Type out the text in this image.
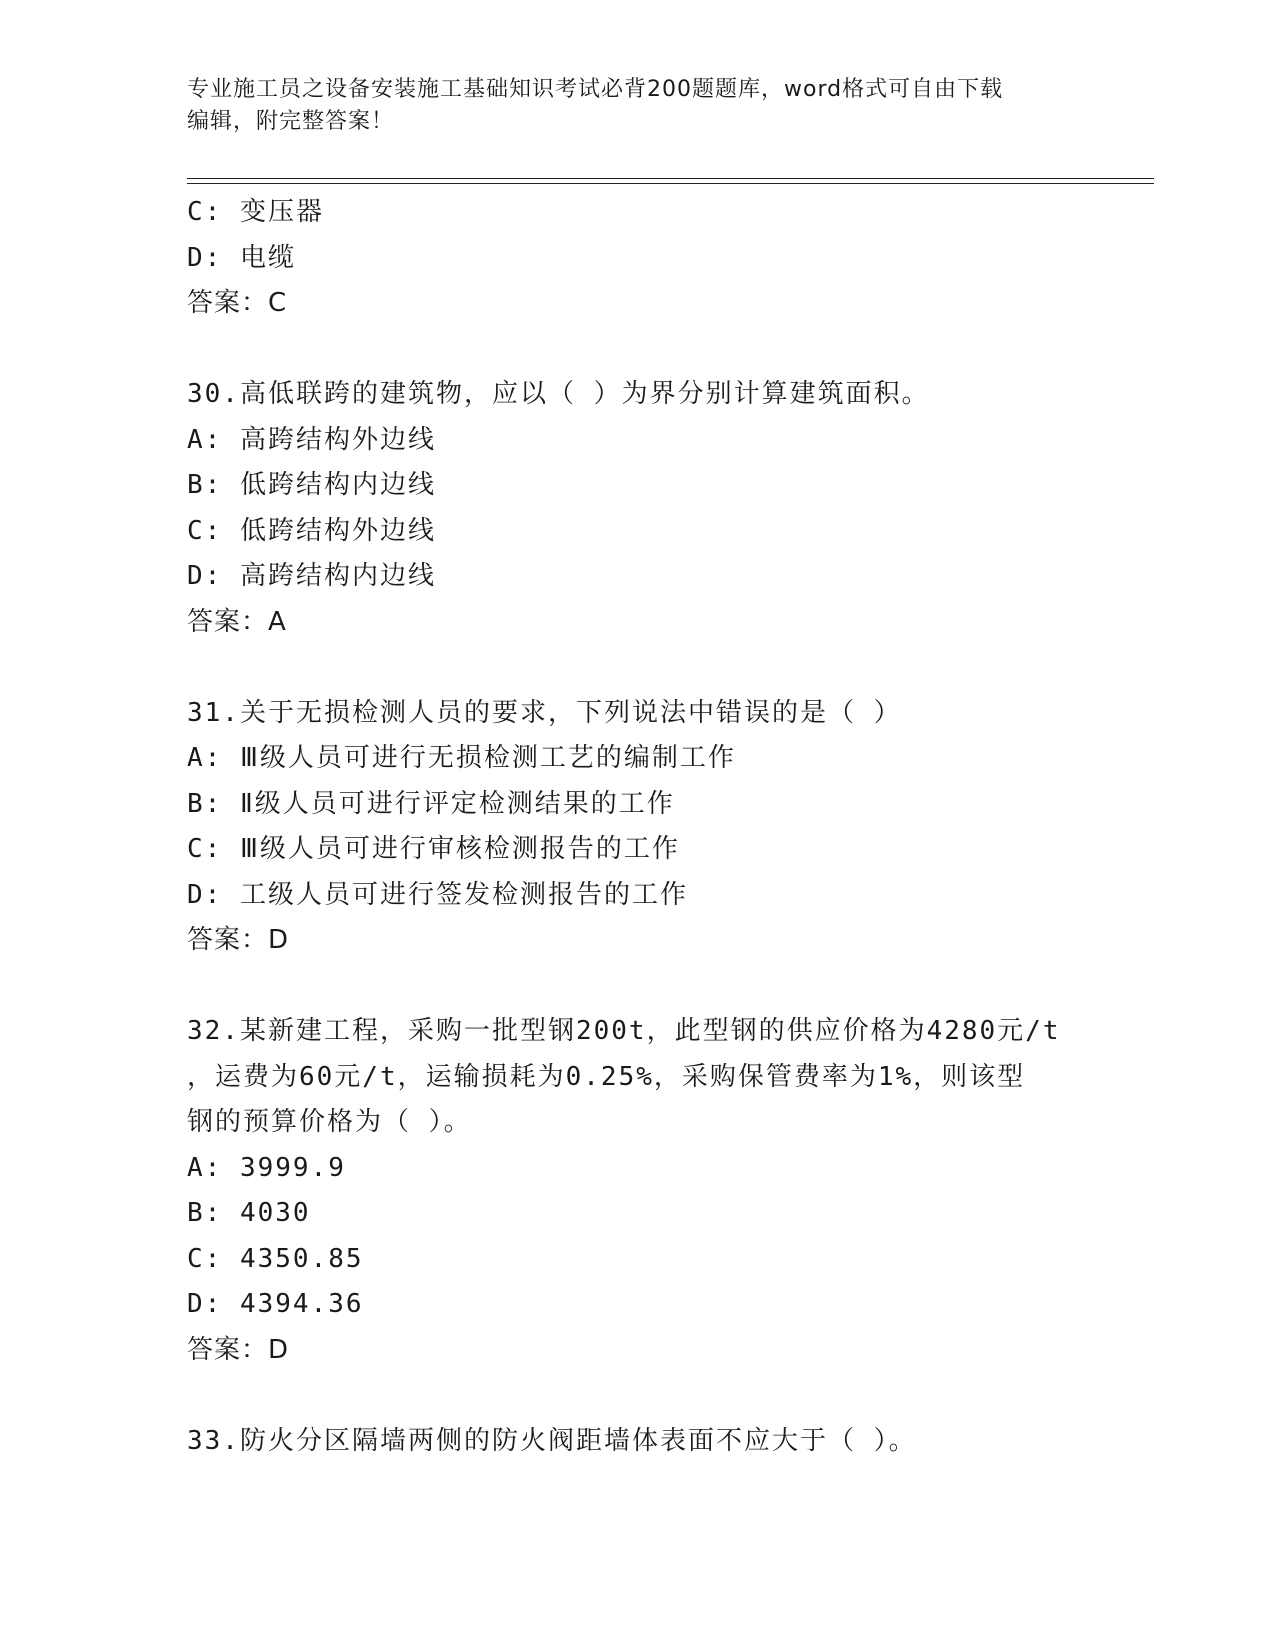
专业施工员之设备安装施工基础知识考试必背200题题库，word格式可自由下载
编辑，附完整答案！
C: 变压器
D: 电缆
答案：C
30.高低联跨的建筑物，应以（ ）为界分别计算建筑面积。
A: 高跨结构外边线
B: 低跨结构内边线
C: 低跨结构外边线
D: 高跨结构内边线
答案：A
31.关于无损检测人员的要求，下列说法中错误的是（ ）
A: Ⅲ级人员可进行无损检测工艺的编制工作
B: Ⅱ级人员可进行评定检测结果的工作
C: Ⅲ级人员可进行审核检测报告的工作
D: 工级人员可进行签发检测报告的工作
答案：D
32.某新建工程，采购一批型钢200t，此型钢的供应价格为4280元/t
，运费为60元/t，运输损耗为0.25%，采购保管费率为1%，则该型
钢的预算价格为（ ）。
A: 3999.9
B: 4030
C: 4350.85
D: 4394.36
答案：D
33.防火分区隔墙两侧的防火阀距墙体表面不应大于（ ）。
